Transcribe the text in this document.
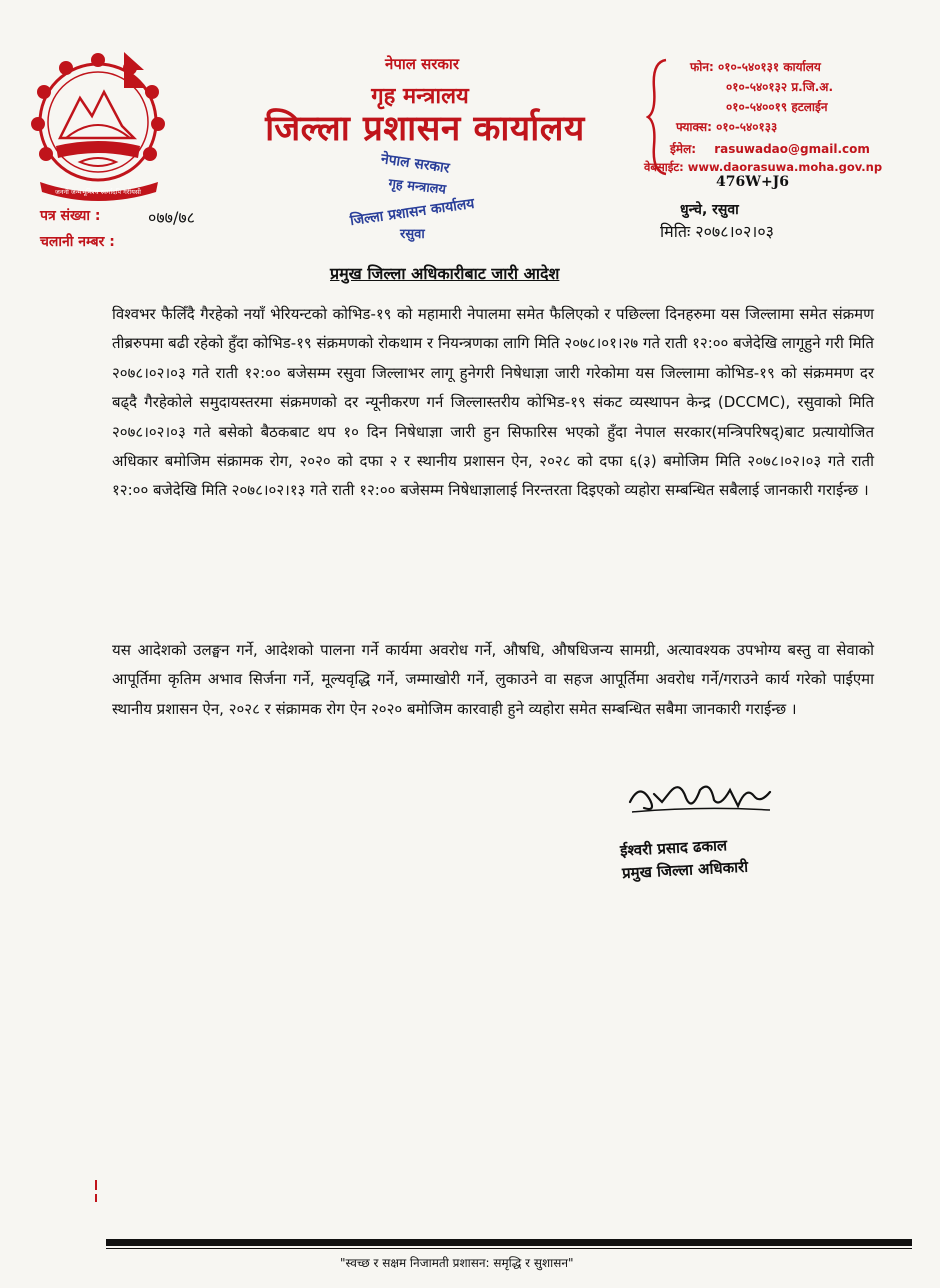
जननी जन्मभूमिश्च स्वर्गादपि गरीयसी
नेपाल सरकार
गृह मन्त्रालय
जिल्ला प्रशासन कार्यालय
फोन: ०१०-५४०१३१ कार्यालय
०१०-५४०१३२ प्र.जि.अ.
०१०-५४००१९ हटलाईन
फ्याक्स: ०१०-५४०१३३
ईमेल: rasuwadao@gmail.com
वेबसाईट: www.daorasuwa.moha.gov.np
476W+J6
नेपाल सरकार
गृह मन्त्रालय
जिल्ला प्रशासन कार्यालय
रसुवा
पत्र संख्या :	०७७/७८
चलानी नम्बर :
धुन्चे, रसुवा
मितिः २०७८।०२।०३
प्रमुख जिल्ला अधिकारीबाट जारी आदेश
विश्वभर फैलिँदै गैरहेको नयाँ भेरियन्टको कोभिड-१९ को महामारी नेपालमा समेत फैलिएको र पछिल्ला दिनहरुमा यस जिल्लामा समेत संक्रमण तीब्ररुपमा बढी रहेको हुँदा कोभिड-१९ संक्रमणको रोकथाम र नियन्त्रणका लागि मिति २०७८।०१।२७ गते राती १२:०० बजेदेखि लागूहुने गरी मिति २०७८।०२।०३ गते राती १२:०० बजेसम्म रसुवा जिल्लाभर लागू हुनेगरी निषेधाज्ञा जारी गरेकोमा यस जिल्लामा कोभिड-१९ को संक्रममण दर बढ्दै गैरहेकोले समुदायस्तरमा संक्रमणको दर न्यूनीकरण गर्न जिल्लास्तरीय कोभिड-१९ संकट व्यस्थापन केन्द्र (DCCMC), रसुवाको मिति २०७८।०२।०३ गते बसेको बैठकबाट थप १० दिन निषेधाज्ञा जारी हुन सिफारिस भएको हुँदा नेपाल सरकार(मन्त्रिपरिषद्)बाट प्रत्यायोजित अधिकार बमोजिम संक्रामक रोग, २०२० को दफा २ र स्थानीय प्रशासन ऐन, २०२८ को दफा ६(३) बमोजिम मिति २०७८।०२।०३ गते राती १२:०० बजेदेखि मिति २०७८।०२।१३ गते राती १२:०० बजेसम्म निषेधाज्ञालाई निरन्तरता दिइएको व्यहोरा सम्बन्धित सबैलाई जानकारी गराईन्छ ।
यस आदेशको उलङ्घन गर्ने, आदेशको पालना गर्ने कार्यमा अवरोध गर्ने, औषधि, औषधिजन्य सामग्री, अत्यावश्यक उपभोग्य बस्तु वा सेवाको आपूर्तिमा कृतिम अभाव सिर्जना गर्ने, मूल्यवृद्धि गर्ने, जम्माखोरी गर्ने, लुकाउने वा सहज आपूर्तिमा अवरोध गर्ने/गराउने कार्य गरेको पाईएमा स्थानीय प्रशासन ऐन, २०२८ र संक्रामक रोग ऐन २०२० बमोजिम कारवाही हुने व्यहोरा समेत सम्बन्धित सबैमा जानकारी गराईन्छ ।
ईश्वरी प्रसाद ढकाल
प्रमुख जिल्ला अधिकारी
"स्वच्छ र सक्षम निजामती प्रशासन: समृद्धि र सुशासन"
